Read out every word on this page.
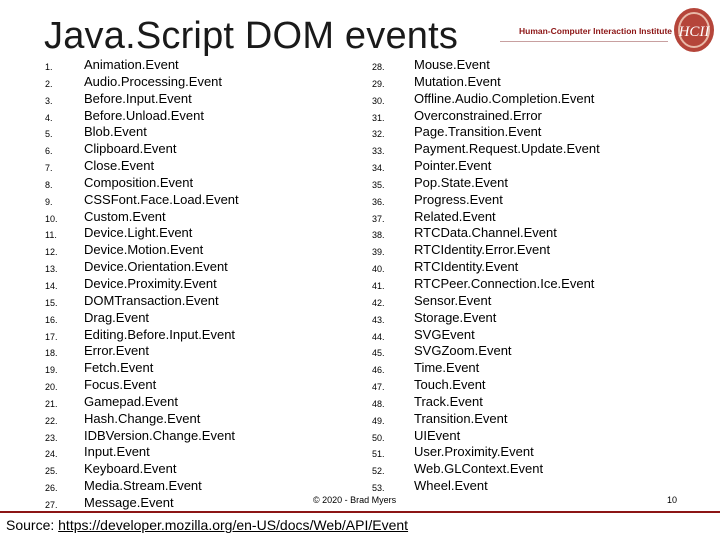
Java.Script DOM events	Human-Computer Interaction Institute HCII
1.	Animation.Event
2.	Audio.Processing.Event
3.	Before.Input.Event
4.	Before.Unload.Event
5.	Blob.Event
6.	Clipboard.Event
7.	Close.Event
8.	Composition.Event
9.	CSSFont.Face.Load.Event
10.	Custom.Event
11.	Device.Light.Event
12.	Device.Motion.Event
13.	Device.Orientation.Event
14.	Device.Proximity.Event
15.	DOMTransaction.Event
16.	Drag.Event
17.	Editing.Before.Input.Event
18.	Error.Event
19.	Fetch.Event
20.	Focus.Event
21.	Gamepad.Event
22.	Hash.Change.Event
23.	IDBVersion.Change.Event
24.	Input.Event
25.	Keyboard.Event
26.	Media.Stream.Event
27.	Message.Event
28.	Mouse.Event
29.	Mutation.Event
30.	Offline.Audio.Completion.Event
31.	Overconstrained.Error
32.	Page.Transition.Event
33.	Payment.Request.Update.Event
34.	Pointer.Event
35.	Pop.State.Event
36.	Progress.Event
37.	Related.Event
38.	RTCData.Channel.Event
39.	RTCIdentity.Error.Event
40.	RTCIdentity.Event
41.	RTCPeer.Connection.Ice.Event
42.	Sensor.Event
43.	Storage.Event
44.	SVGEvent
45.	SVGZoom.Event
46.	Time.Event
47.	Touch.Event
48.	Track.Event
49.	Transition.Event
50.	UIEvent
51.	User.Proximity.Event
52.	Web.GLContext.Event
53.	Wheel.Event
© 2020 - Brad Myers	10
Source: https://developer.mozilla.org/en-US/docs/Web/API/Event
